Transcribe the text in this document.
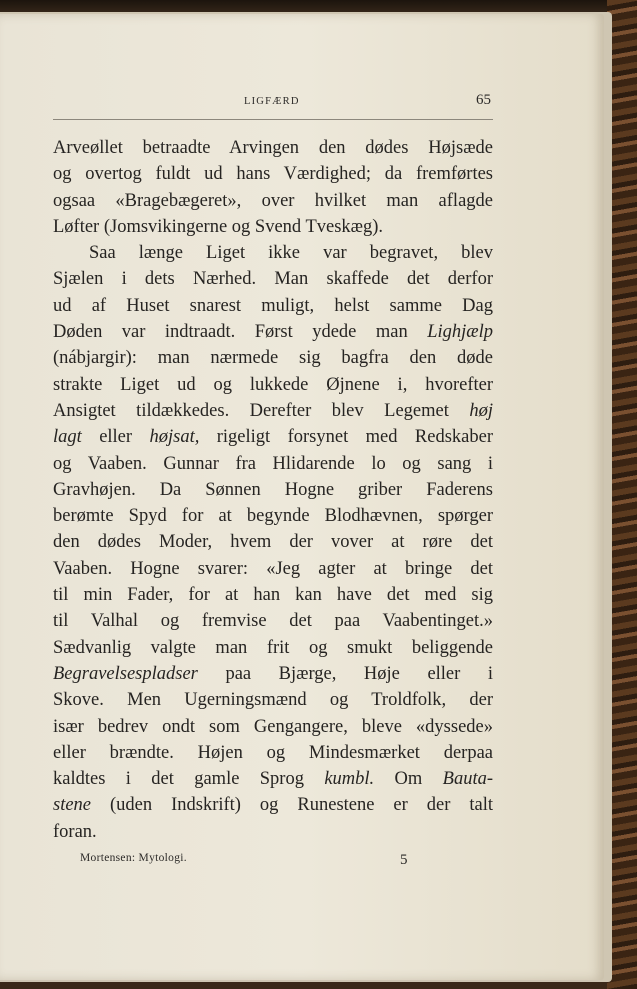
LIGFÆRD	65
Arveøllet betraadte Arvingen den dødes Højsæde
og overtog fuldt ud hans Værdighed; da fremførtes
ogsaa «Bragebægeret», over hvilket man aflagde
Løfter (Jomsvikingerne og Svend Tveskæg).
Saa længe Liget ikke var begravet, blev
Sjælen i dets Nærhed. Man skaffede det derfor
ud af Huset snarest muligt, helst samme Dag
Døden var indtraadt. Først ydede man Lighjælp
(nábjargir): man nærmede sig bagfra den døde
strakte Liget ud og lukkede Øjnene i, hvorefter
Ansigtet tildækkedes. Derefter blev Legemet høj
lagt eller højsat, rigeligt forsynet med Redskaber
og Vaaben. Gunnar fra Hlidarende lo og sang i
Gravhøjen. Da Sønnen Hogne griber Faderens
berømte Spyd for at begynde Blodhævnen, spørger
den dødes Moder, hvem der vover at røre det
Vaaben. Hogne svarer: «Jeg agter at bringe det
til min Fader, for at han kan have det med sig
til Valhal og fremvise det paa Vaabentinget.»
Sædvanlig valgte man frit og smukt beliggende
Begravelsespladser paa Bjærge, Høje eller i
Skove. Men Ugerningsmænd og Troldfolk, der
især bedrev ondt som Gengangere, bleve «dyssede»
eller brændte. Højen og Mindesmærket derpaa
kaldtes i det gamle Sprog kumbl. Om Bauta-
stene (uden Indskrift) og Runestene er der talt
foran.
Mortensen: Mytologi.	5
